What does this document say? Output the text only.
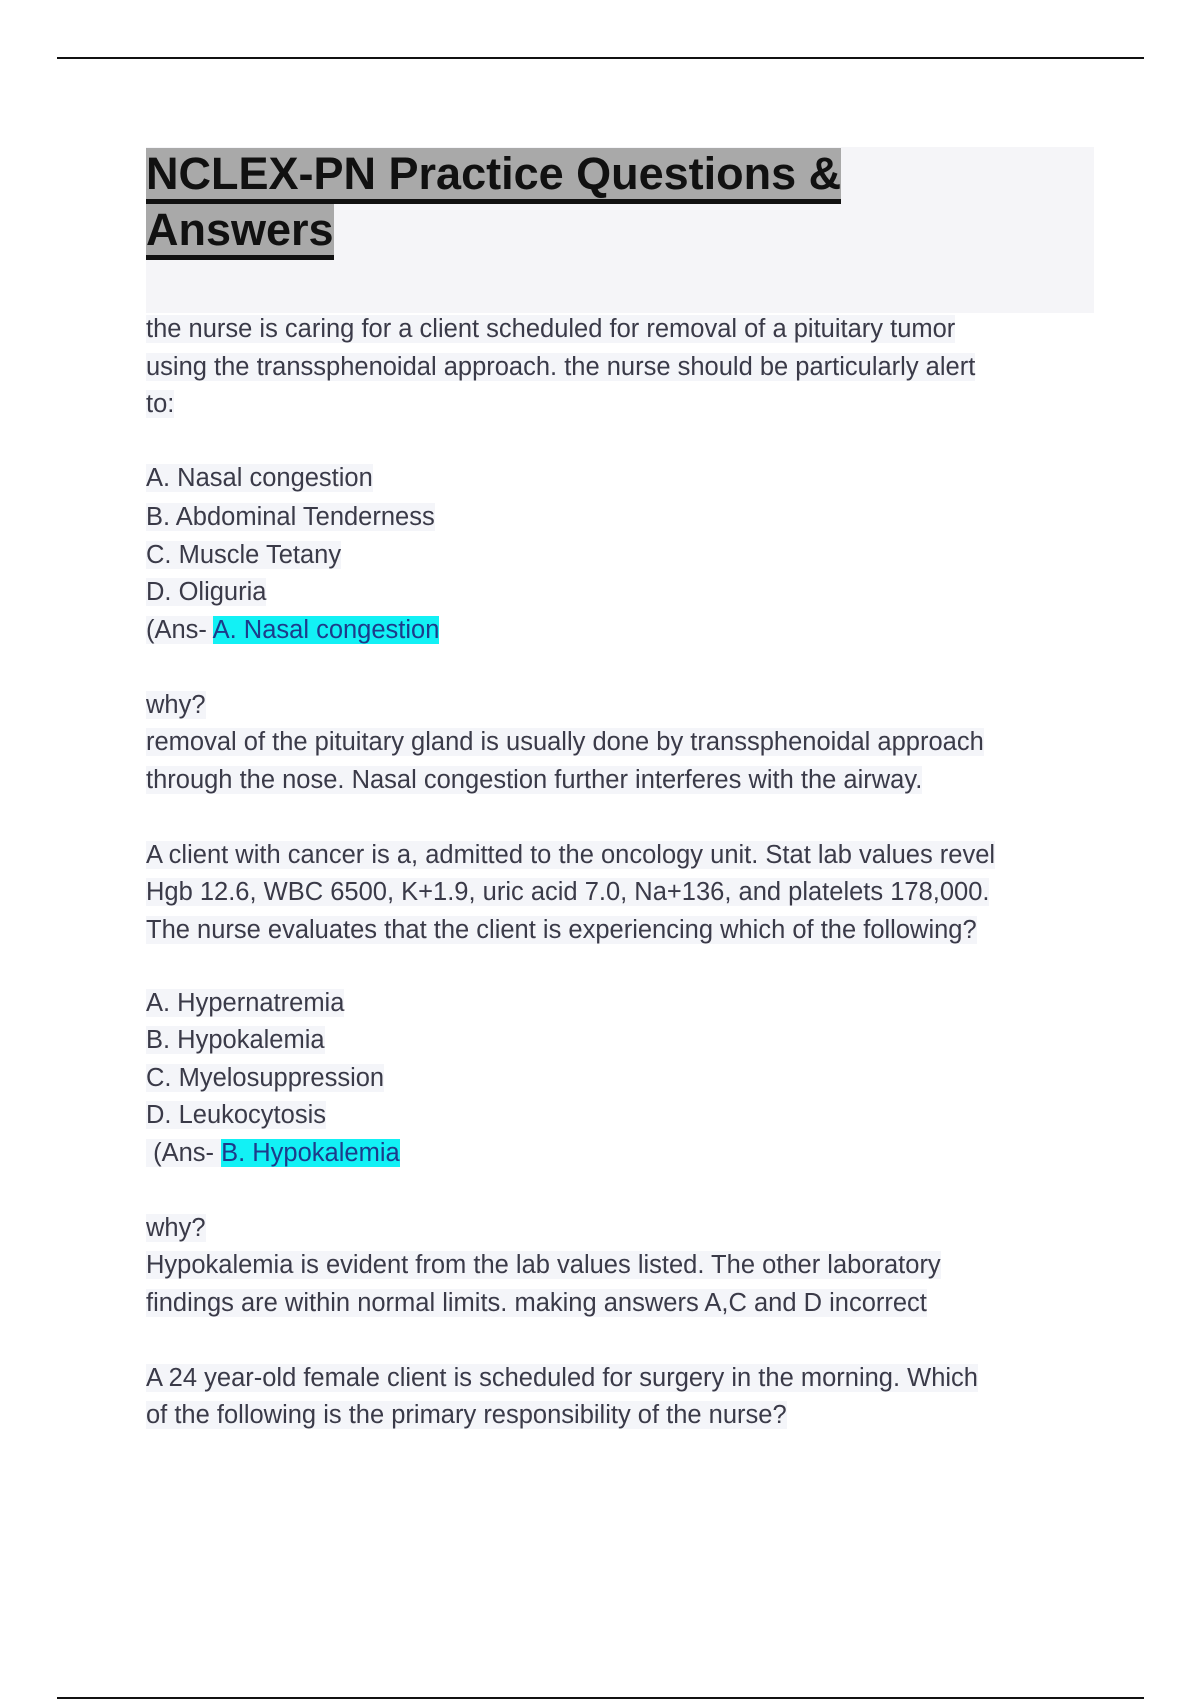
NCLEX-PN Practice Questions &
Answers
the nurse is caring for a client scheduled for removal of a pituitary tumor
using the transsphenoidal approach. the nurse should be particularly alert
to:
A. Nasal congestion
B. Abdominal Tenderness
C. Muscle Tetany
D. Oliguria
(Ans- A. Nasal congestion
why?
removal of the pituitary gland is usually done by transsphenoidal approach
through the nose. Nasal congestion further interferes with the airway.
A client with cancer is a, admitted to the oncology unit. Stat lab values revel
Hgb 12.6, WBC 6500, K+1.9, uric acid 7.0, Na+136, and platelets 178,000.
The nurse evaluates that the client is experiencing which of the following?
A. Hypernatremia
B. Hypokalemia
C. Myelosuppression
D. Leukocytosis
(Ans- B. Hypokalemia
why?
Hypokalemia is evident from the lab values listed. The other laboratory
findings are within normal limits. making answers A,C and D incorrect
A 24 year-old female client is scheduled for surgery in the morning. Which
of the following is the primary responsibility of the nurse?
